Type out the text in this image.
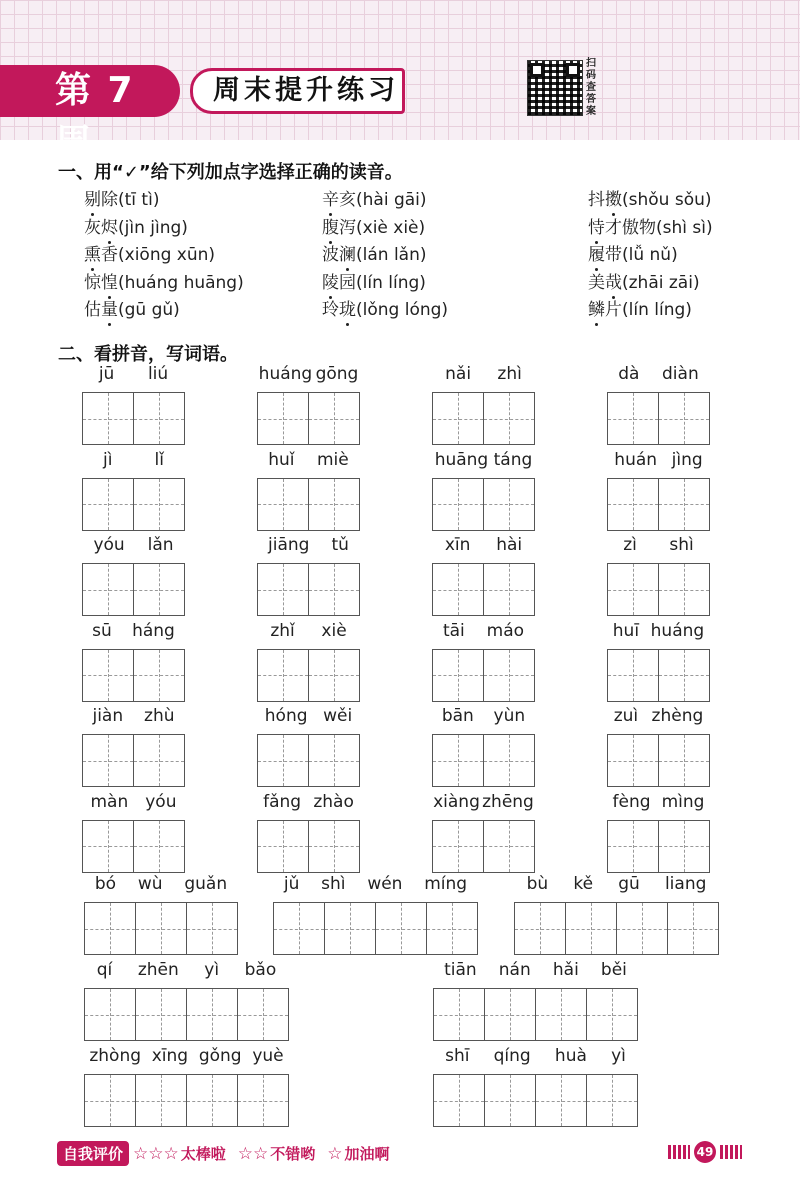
第 7 周
周末提升练习
扫码查答案
一、用“✓”给下列加点字选择正确的读音。
剔除(tī tì)	辛亥(hài gāi)	抖擞(shǒu sǒu)
灰烬(jìn jìng)	腹泻(xiè xiè)	恃才傲物(shì sì)
熏香(xiōng xūn)	波澜(lán lǎn)	履带(lǚ nǔ)
惊惶(huáng huāng)	陵园(lín líng)	美哉(zhāi zāi)
估量(gū gǔ)	玲珑(lǒng lóng)	鳞片(lín líng)
二、看拼音，写词语。
jū liú	huáng gōng	nǎi zhì	dà diàn
jì lǐ	huǐ miè	huāng táng	huán jìng
yóu lǎn	jiāng tǔ	xīn hài	zì shì
sū háng	zhǐ xiè	tāi máo	huī huáng
jiàn zhù	hóng wěi	bān yùn	zuì zhèng
màn yóu	fǎng zhào	xiàng zhēng	fèng mìng
bó wù guǎn	jǔ shì wén míng	bù kě gū liang
qí zhēn yì bǎo	tiān nán hǎi běi
zhòng xīng gǒng yuè	shī qíng huà yì
自我评价 ☆☆☆ 太棒啦 ☆☆ 不错哟 ☆ 加油啊	49
